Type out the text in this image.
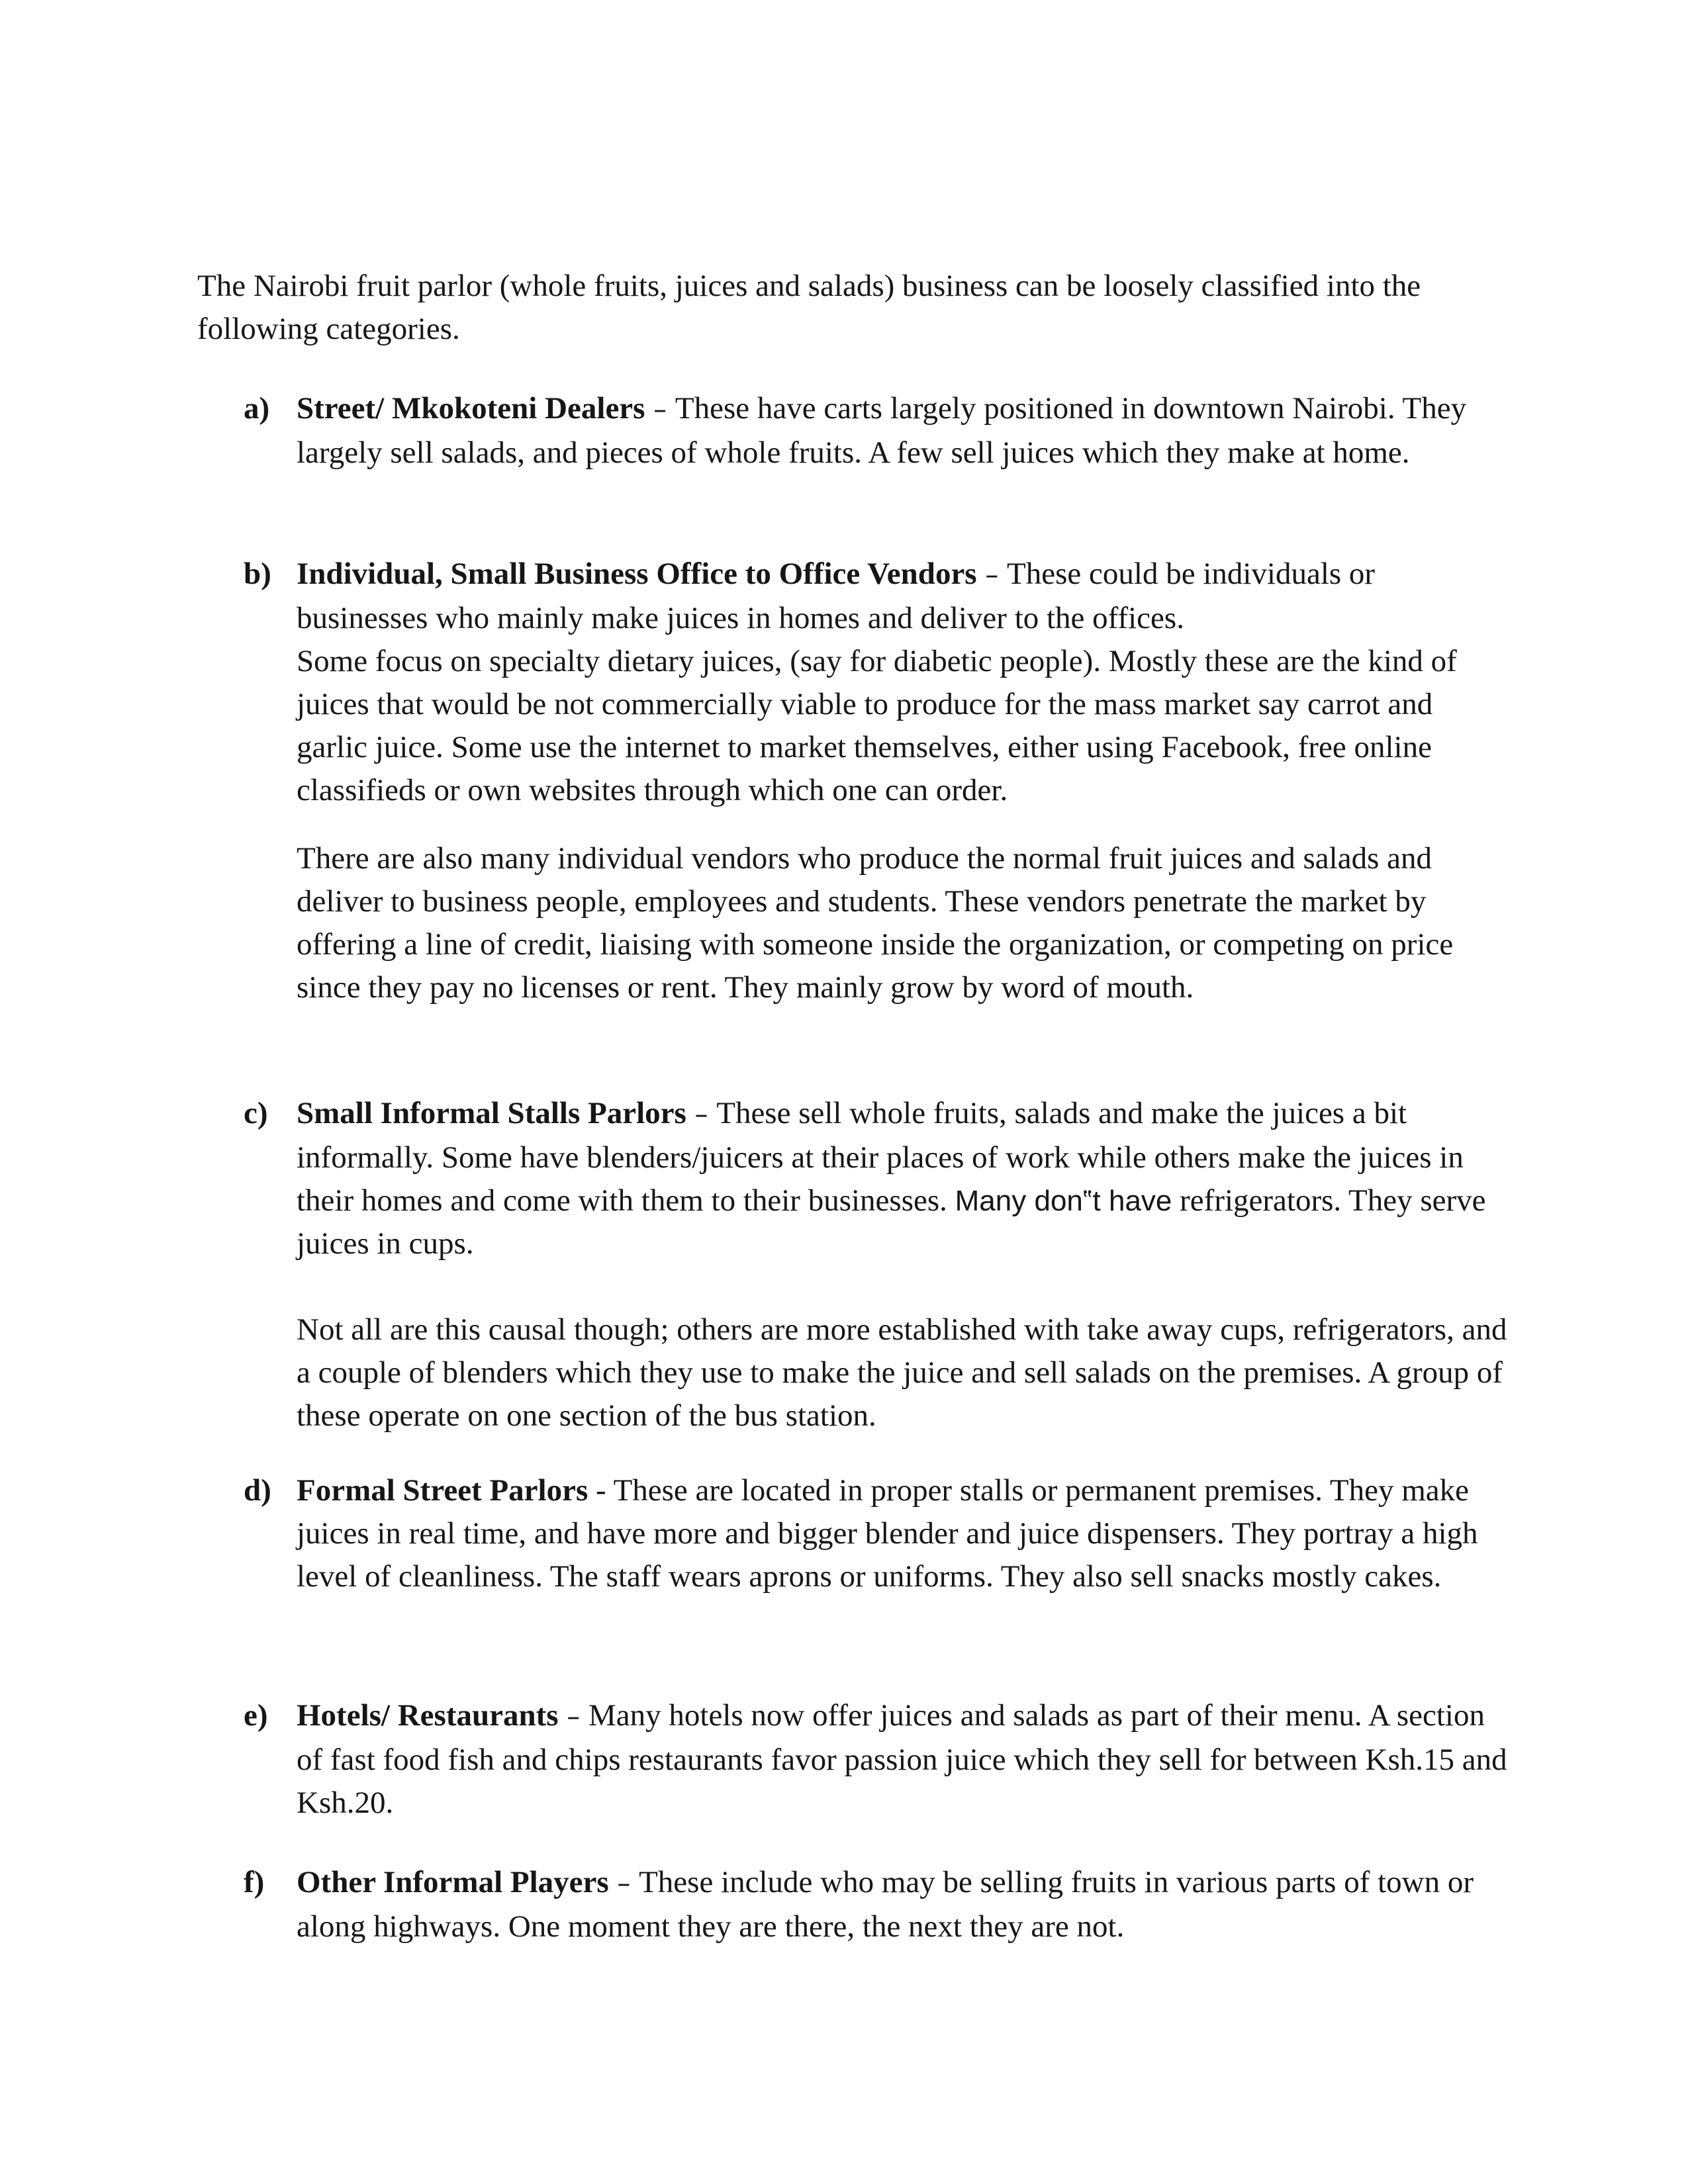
The Nairobi fruit parlor (whole fruits, juices and salads) business can be loosely classified into the following categories.

a) Street/ Mkokoteni Dealers – These have carts largely positioned in downtown Nairobi. They largely sell salads, and pieces of whole fruits. A few sell juices which they make at home.

b) Individual, Small Business Office to Office Vendors – These could be individuals or businesses who mainly make juices in homes and deliver to the offices.

Some focus on specialty dietary juices, (say for diabetic people). Mostly these are the kind of juices that would be not commercially viable to produce for the mass market say carrot and garlic juice. Some use the internet to market themselves, either using Facebook, free online classifieds or own websites through which one can order.

There are also many individual vendors who produce the normal fruit juices and salads and deliver to business people, employees and students. These vendors penetrate the market by offering a line of credit, liaising with someone inside the organization, or competing on price since they pay no licenses or rent. They mainly grow by word of mouth.

c) Small Informal Stalls Parlors – These sell whole fruits, salads and make the juices a bit informally. Some have blenders/juicers at their places of work while others make the juices in their homes and come with them to their businesses. Many don‟t have refrigerators. They serve juices in cups.

Not all are this causal though; others are more established with take away cups, refrigerators, and a couple of blenders which they use to make the juice and sell salads on the premises. A group of these operate on one section of the bus station.

d) Formal Street Parlors - These are located in proper stalls or permanent premises. They make juices in real time, and have more and bigger blender and juice dispensers. They portray a high level of cleanliness. The staff wears aprons or uniforms. They also sell snacks mostly cakes.

e) Hotels/ Restaurants – Many hotels now offer juices and salads as part of their menu. A section of fast food fish and chips restaurants favor passion juice which they sell for between Ksh.15 and Ksh.20.

f) Other Informal Players – These include who may be selling fruits in various parts of town or along highways. One moment they are there, the next they are not.
